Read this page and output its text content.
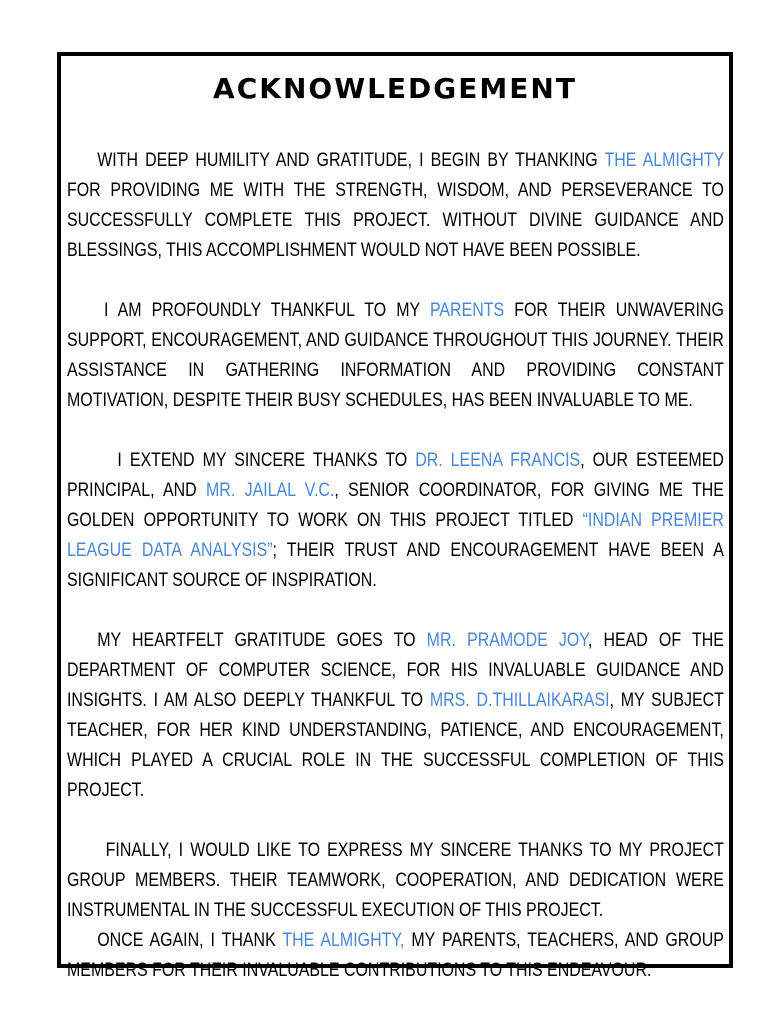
ACKNOWLEDGEMENT

WITH DEEP HUMILITY AND GRATITUDE, I BEGIN BY THANKING THE ALMIGHTY FOR PROVIDING ME WITH THE STRENGTH, WISDOM, AND PERSEVERANCE TO SUCCESSFULLY COMPLETE THIS PROJECT. WITHOUT DIVINE GUIDANCE AND BLESSINGS, THIS ACCOMPLISHMENT WOULD NOT HAVE BEEN POSSIBLE.

I AM PROFOUNDLY THANKFUL TO MY PARENTS FOR THEIR UNWAVERING SUPPORT, ENCOURAGEMENT, AND GUIDANCE THROUGHOUT THIS JOURNEY. THEIR ASSISTANCE IN GATHERING INFORMATION AND PROVIDING CONSTANT MOTIVATION, DESPITE THEIR BUSY SCHEDULES, HAS BEEN INVALUABLE TO ME.

I EXTEND MY SINCERE THANKS TO DR. LEENA FRANCIS, OUR ESTEEMED PRINCIPAL, AND MR. JAILAL V.C., SENIOR COORDINATOR, FOR GIVING ME THE GOLDEN OPPORTUNITY TO WORK ON THIS PROJECT TITLED “INDIAN PREMIER LEAGUE DATA ANALYSIS”; THEIR TRUST AND ENCOURAGEMENT HAVE BEEN A SIGNIFICANT SOURCE OF INSPIRATION.

MY HEARTFELT GRATITUDE GOES TO MR. PRAMODE JOY, HEAD OF THE DEPARTMENT OF COMPUTER SCIENCE, FOR HIS INVALUABLE GUIDANCE AND INSIGHTS. I AM ALSO DEEPLY THANKFUL TO MRS. D.THILLAIKARASI, MY SUBJECT TEACHER, FOR HER KIND UNDERSTANDING, PATIENCE, AND ENCOURAGEMENT, WHICH PLAYED A CRUCIAL ROLE IN THE SUCCESSFUL COMPLETION OF THIS PROJECT.

FINALLY, I WOULD LIKE TO EXPRESS MY SINCERE THANKS TO MY PROJECT GROUP MEMBERS. THEIR TEAMWORK, COOPERATION, AND DEDICATION WERE INSTRUMENTAL IN THE SUCCESSFUL EXECUTION OF THIS PROJECT.

ONCE AGAIN, I THANK THE ALMIGHTY, MY PARENTS, TEACHERS, AND GROUP MEMBERS FOR THEIR INVALUABLE CONTRIBUTIONS TO THIS ENDEAVOUR.
